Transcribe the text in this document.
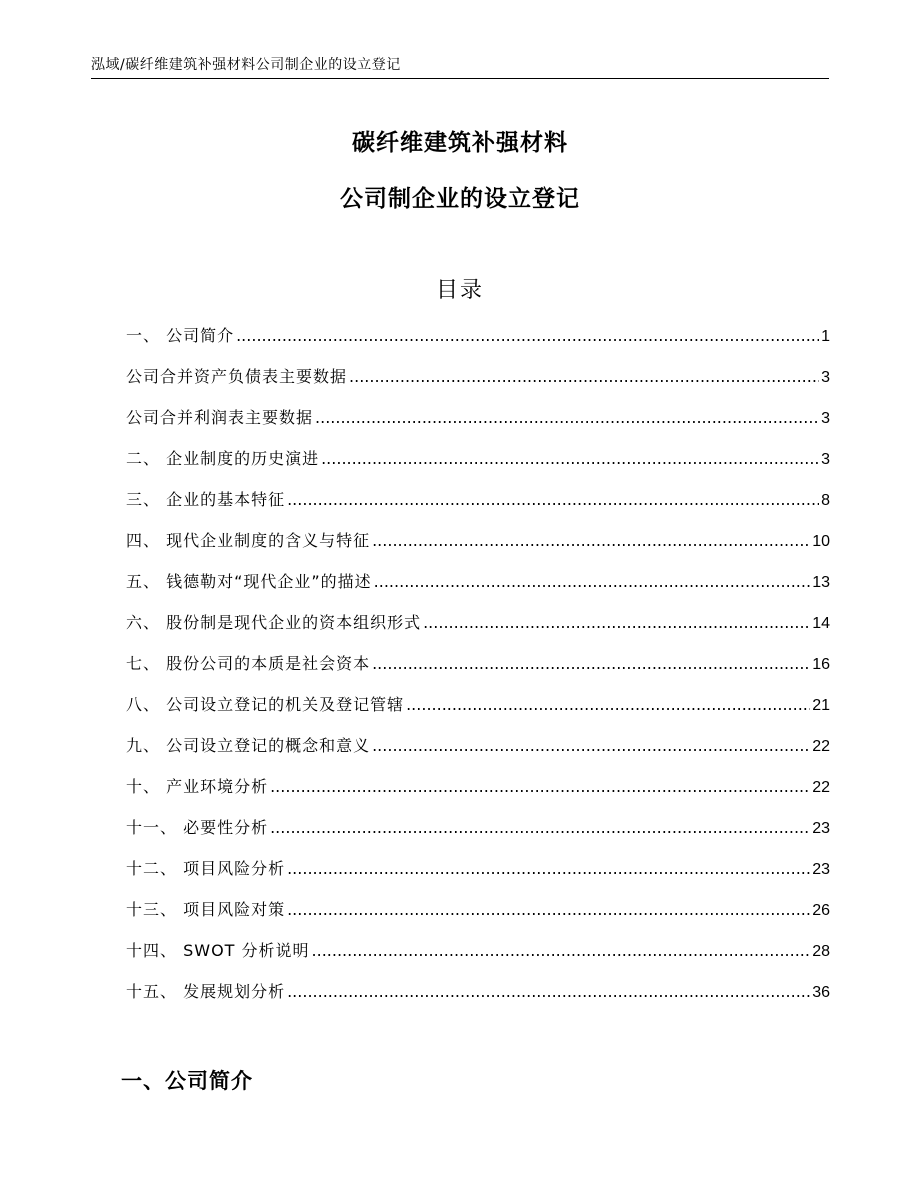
泓域/碳纤维建筑补强材料公司制企业的设立登记
碳纤维建筑补强材料
公司制企业的设立登记
目录
一、 公司简介 .....	1
公司合并资产负债表主要数据 .....	3
公司合并利润表主要数据 .....	3
二、 企业制度的历史演进 .....	3
三、 企业的基本特征 .....	8
四、 现代企业制度的含义与特征 .....	10
五、 钱德勒对“现代企业”的描述 .....	13
六、 股份制是现代企业的资本组织形式 .....	14
七、 股份公司的本质是社会资本 .....	16
八、 公司设立登记的机关及登记管辖 .....	21
九、 公司设立登记的概念和意义 .....	22
十、 产业环境分析 .....	22
十一、 必要性分析 .....	23
十二、 项目风险分析 .....	23
十三、 项目风险对策 .....	26
十四、 SWOT 分析说明 .....	28
十五、 发展规划分析 .....	36
一、公司简介
